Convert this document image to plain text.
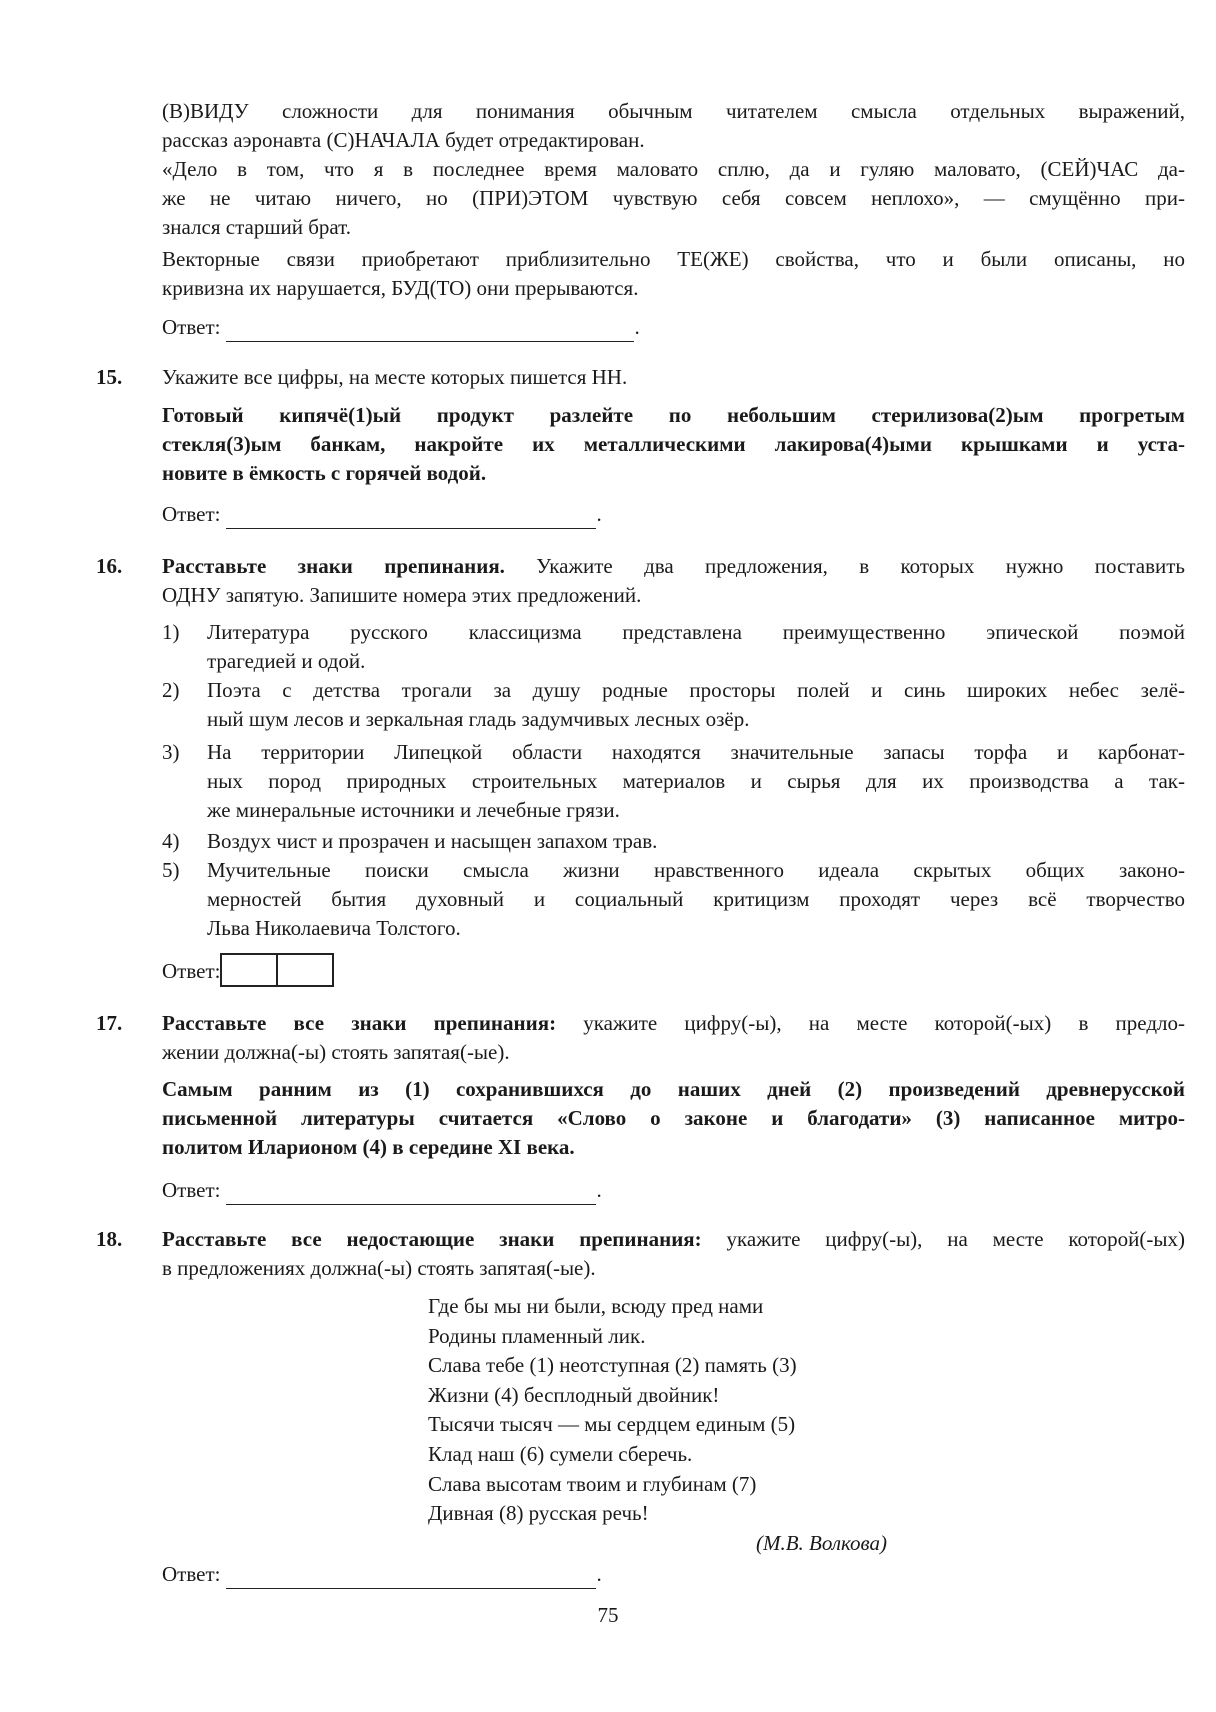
(В)ВИДУ сложности для понимания обычным читателем смысла отдельных выражений,
рассказ аэронавта (С)НАЧАЛА будет отредактирован.
«Дело в том, что я в последнее время маловато сплю, да и гуляю маловато, (СЕЙ)ЧАС да-
же не читаю ничего, но (ПРИ)ЭТОМ чувствую себя совсем неплохо», — смущённо при-
знался старший брат.
Векторные связи приобретают приблизительно ТЕ(ЖЕ) свойства, что и были описаны, но
кривизна их нарушается, БУД(ТО) они прерываются.
Ответ:	.
15. Укажите все цифры, на месте которых пишется НН.
Готовый кипячё(1)ый продукт разлейте по небольшим стерилизова(2)ым прогретым
стекля(3)ым банкам, накройте их металлическими лакирова(4)ыми крышками и уста-
новите в ёмкость с горячей водой.
Ответ:	.
16. Расставьте знаки препинания. Укажите два предложения, в которых нужно поставить
ОДНУ запятую. Запишите номера этих предложений.
1) Литература русского классицизма представлена преимущественно эпической поэмой
трагедией и одой.
2) Поэта с детства трогали за душу родные просторы полей и синь широких небес зелё-
ный шум лесов и зеркальная гладь задумчивых лесных озёр.
3) На территории Липецкой области находятся значительные запасы торфа и карбонат-
ных пород природных строительных материалов и сырья для их производства а так-
же минеральные источники и лечебные грязи.
4) Воздух чист и прозрачен и насыщен запахом трав.
5) Мучительные поиски смысла жизни нравственного идеала скрытых общих законо-
мерностей бытия духовный и социальный критицизм проходят через всё творчество
Льва Николаевича Толстого.
Ответ:
17. Расставьте все знаки препинания: укажите цифру(-ы), на месте которой(-ых) в предло-
жении должна(-ы) стоять запятая(-ые).
Самым ранним из (1) сохранившихся до наших дней (2) произведений древнерусской
письменной литературы считается «Слово о законе и благодати» (3) написанное митро-
политом Иларионом (4) в середине XI века.
Ответ:	.
18. Расставьте все недостающие знаки препинания: укажите цифру(-ы), на месте которой(-ых)
в предложениях должна(-ы) стоять запятая(-ые).
Где бы мы ни были, всюду пред нами
Родины пламенный лик.
Слава тебе (1) неотступная (2) память (3)
Жизни (4) бесплодный двойник!
Тысячи тысяч — мы сердцем единым (5)
Клад наш (6) сумели сберечь.
Слава высотам твоим и глубинам (7)
Дивная (8) русская речь!
(М.В. Волкова)
Ответ:	.
75
